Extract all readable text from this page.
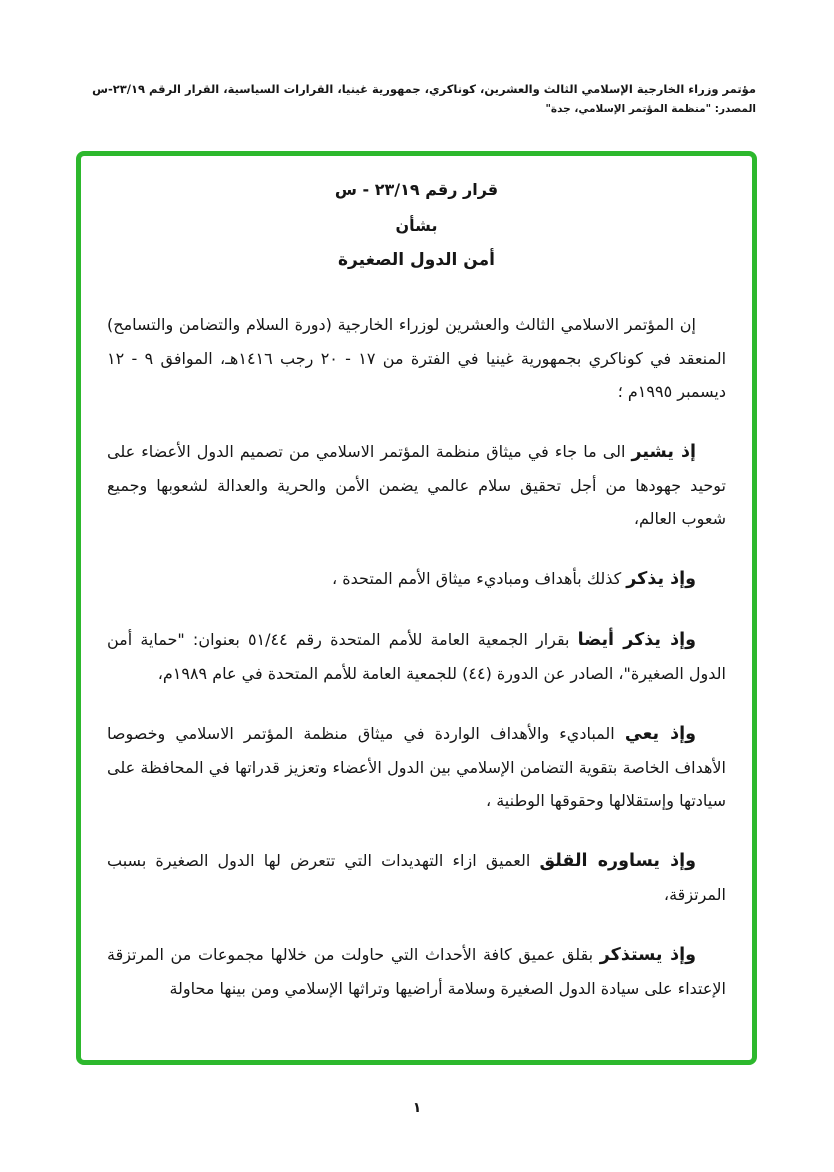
مؤتمر وزراء الخارجية الإسلامي الثالث والعشرين، كوناكري، جمهورية غينيا، القرارات السياسية، القرار الرقم ٢٣/١٩-س
المصدر: "منظمة المؤتمر الإسلامي، جدة"
قرار رقم ٢٣/١٩ - س
بشأن
أمن الدول الصغيرة

إن المؤتمر الاسلامي الثالث والعشرين لوزراء الخارجية (دورة السلام والتضامن والتسامح) المنعقد في كوناكري بجمهورية غينيا في الفترة من ١٧ - ٢٠ رجب ١٤١٦هـ، الموافق ٩ - ١٢ ديسمبر ١٩٩٥م ؛

إذ يشير الى ما جاء في ميثاق منظمة المؤتمر الاسلامي من تصميم الدول الأعضاء على توحيد جهودها من أجل تحقيق سلام عالمي يضمن الأمن والحرية والعدالة لشعوبها وجميع شعوب العالم،

وإذ يذكر كذلك بأهداف ومباديء ميثاق الأمم المتحدة ،

وإذ يذكر أيضا بقرار الجمعية العامة للأمم المتحدة رقم ٥١/٤٤ بعنوان: "حماية أمن الدول الصغيرة"، الصادر عن الدورة (٤٤) للجمعية العامة للأمم المتحدة في عام ١٩٨٩م،

وإذ يعي المباديء والأهداف الواردة في ميثاق منظمة المؤتمر الاسلامي وخصوصا الأهداف الخاصة بتقوية التضامن الإسلامي بين الدول الأعضاء وتعزيز قدراتها في المحافظة على سيادتها وإستقلالها وحقوقها الوطنية ،

وإذ يساوره القلق العميق ازاء التهديدات التي تتعرض لها الدول الصغيرة بسبب المرتزقة،

وإذ يستذكر بقلق عميق كافة الأحداث التي حاولت من خلالها مجموعات من المرتزقة الإعتداء على سيادة الدول الصغيرة وسلامة أراضيها وتراثها الإسلامي ومن بينها محاولة

١
